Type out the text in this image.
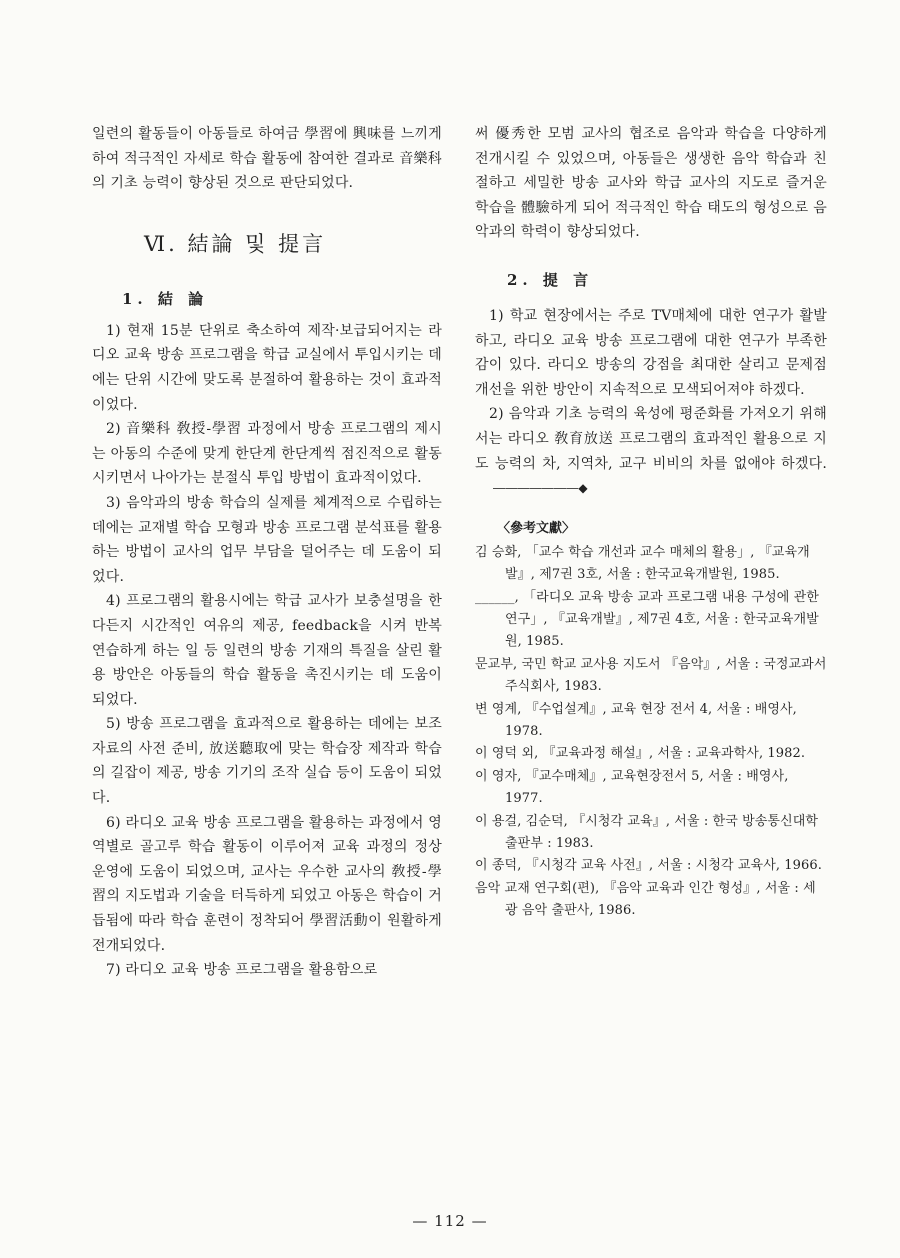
일련의 활동들이 아동들로 하여금 學習에 興味를 느끼게 하여 적극적인 자세로 학습 활동에 참여한 결과로 音樂科의 기초 능력이 향상된 것으로 판단되었다.

Ⅵ. 結論 및 提言
1. 結 論

1) 현재 15분 단위로 축소하여 제작·보급되어지는 라디오 교육 방송 프로그램을 학급 교실에서 투입시키는 데에는 단위 시간에 맞도록 분절하여 활용하는 것이 효과적이었다.

2) 音樂科 敎授-學習 과정에서 방송 프로그램의 제시는 아동의 수준에 맞게 한단계 한단계씩 점진적으로 활동시키면서 나아가는 분절식 투입 방법이 효과적이었다.

3) 음악과의 방송 학습의 실제를 체계적으로 수립하는 데에는 교재별 학습 모형과 방송 프로그램 분석표를 활용하는 방법이 교사의 업무 부담을 덜어주는 데 도움이 되었다.

4) 프로그램의 활용시에는 학급 교사가 보충설명을 한다든지 시간적인 여유의 제공, feedback을 시켜 반복 연습하게 하는 일 등 일련의 방송 기재의 특질을 살린 활용 방안은 아동들의 학습 활동을 촉진시키는 데 도움이 되었다.

5) 방송 프로그램을 효과적으로 활용하는 데에는 보조 자료의 사전 준비, 放送聽取에 맞는 학습장 제작과 학습의 길잡이 제공, 방송 기기의 조작 실습 등이 도움이 되었다.

6) 라디오 교육 방송 프로그램을 활용하는 과정에서 영역별로 골고루 학습 활동이 이루어져 교육 과정의 정상 운영에 도움이 되었으며, 교사는 우수한 교사의 敎授-學習의 지도법과 기술을 터득하게 되었고 아동은 학습이 거듭됨에 따라 학습 훈련이 정착되어 學習活動이 원활하게 전개되었다.

7) 라디오 교육 방송 프로그램을 활용함으로

써 優秀한 모범 교사의 협조로 음악과 학습을 다양하게 전개시킬 수 있었으며, 아동들은 생생한 음악 학습과 친절하고 세밀한 방송 교사와 학급 교사의 지도로 즐거운 학습을 體驗하게 되어 적극적인 학습 태도의 형성으로 음악과의 학력이 향상되었다.

2. 提 言

1) 학교 현장에서는 주로 TV매체에 대한 연구가 활발하고, 라디오 교육 방송 프로그램에 대한 연구가 부족한 감이 있다. 라디오 방송의 강점을 최대한 살리고 문제점 개선을 위한 방안이 지속적으로 모색되어져야 하겠다.

2) 음악과 기초 능력의 육성에 평준화를 가져오기 위해서는 라디오 敎育放送 프로그램의 효과적인 활용으로 지도 능력의 차, 지역차, 교구 비비의 차를 없애야 하겠다.―――――――◆

〈參考文獻〉

김 승화, 「교수 학습 개선과 교수 매체의 활용」, 『교육개발』, 제7권 3호, 서울 : 한국교육개발원, 1985.

______, 「라디오 교육 방송 교과 프로그램 내용 구성에 관한 연구」, 『교육개발』, 제7권 4호, 서울 : 한국교육개발원, 1985.

문교부, 국민 학교 교사용 지도서 『음악』, 서울 : 국정교과서 주식회사, 1983.

변 영계, 『수업설계』, 교육 현장 전서 4, 서울 : 배영사, 1978.

이 영덕 외, 『교육과정 해설』, 서울 : 교육과학사, 1982.

이 영자, 『교수매체』, 교육현장전서 5, 서울 : 배영사, 1977.

이 용걸, 김순덕, 『시청각 교육』, 서울 : 한국 방송통신대학 출판부 : 1983.

이 종덕, 『시청각 교육 사전』, 서울 : 시청각 교육사, 1966.

음악 교재 연구회(편), 『음악 교육과 인간 형성』, 서울 : 세광 음악 출판사, 1986.

— 112 —
